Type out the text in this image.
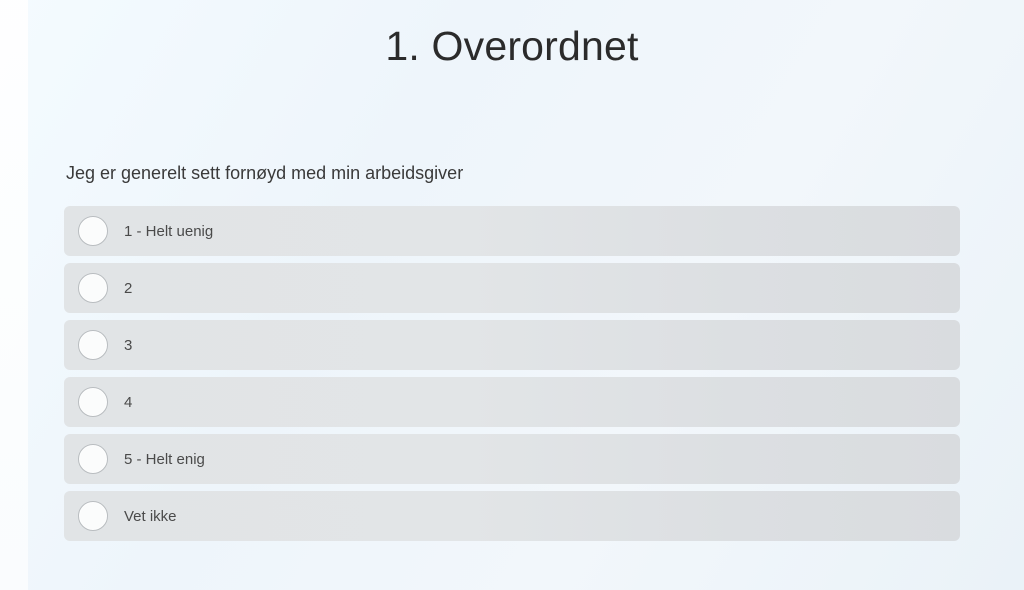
1. Overordnet
Jeg er generelt sett fornøyd med min arbeidsgiver
1 - Helt uenig
2
3
4
5 - Helt enig
Vet ikke
